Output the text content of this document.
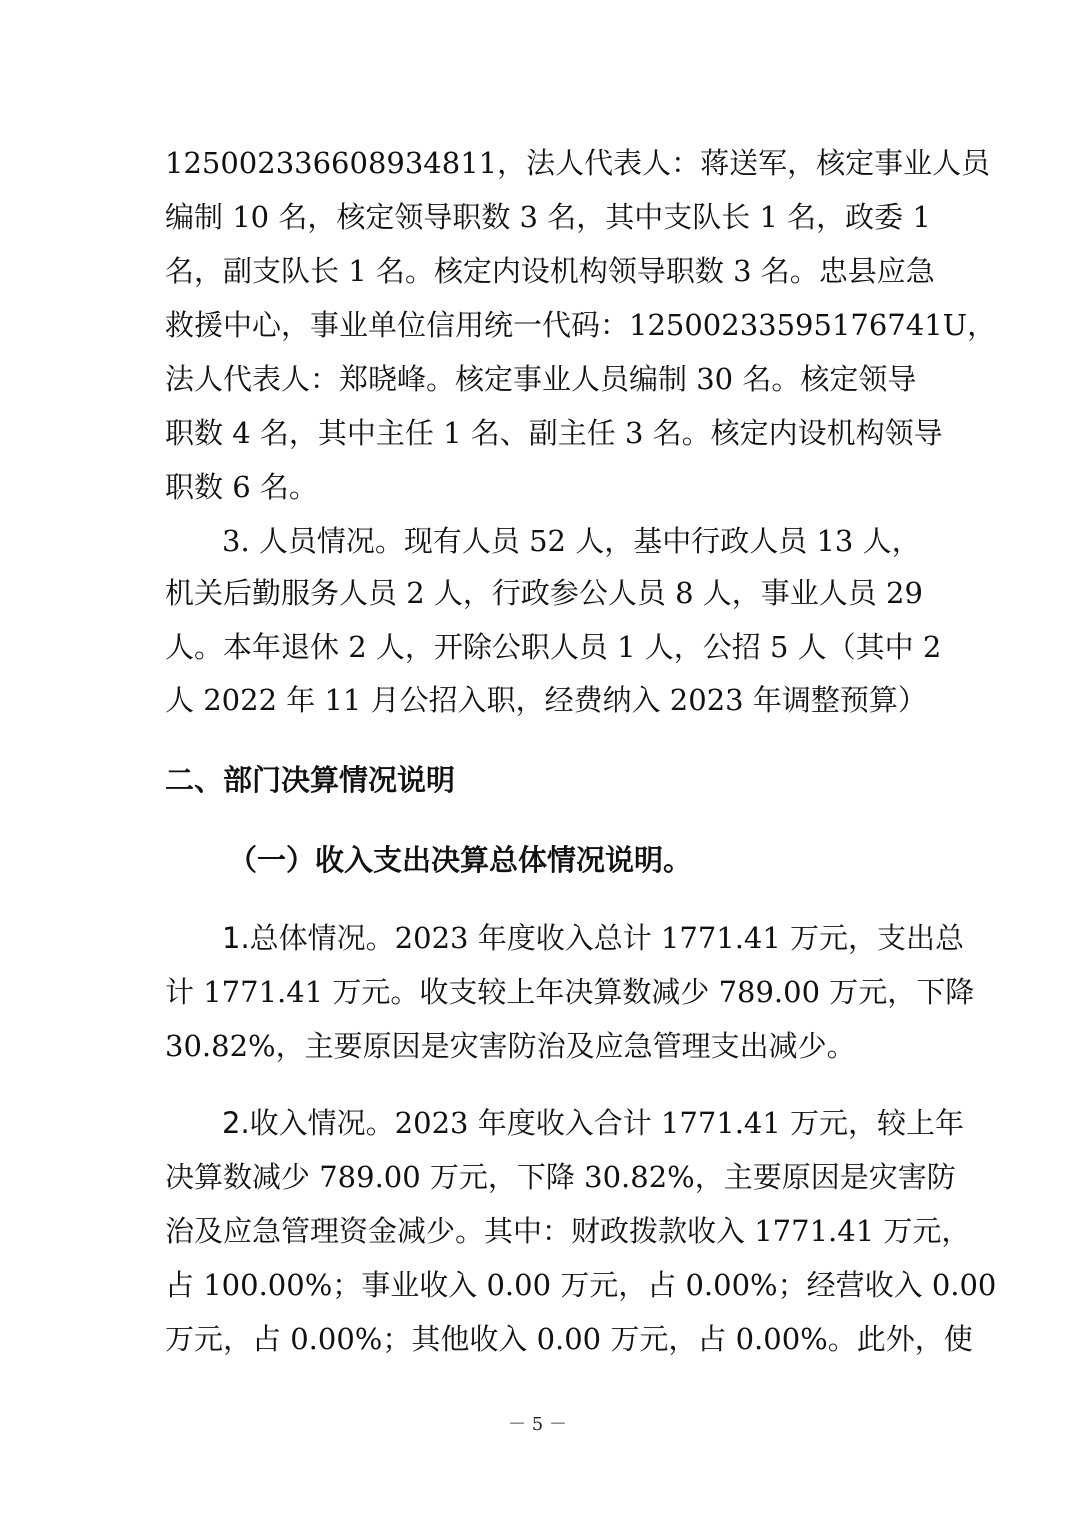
125002336608934811，法人代表人：蒋送军，核定事业人员
编制 10 名，核定领导职数 3 名，其中支队长 1 名，政委 1
名，副支队长 1 名。核定内设机构领导职数 3 名。忠县应急
救援中心，事业单位信用统一代码：12500233595176741U，
法人代表人：郑晓峰。核定事业人员编制 30 名。核定领导
职数 4 名，其中主任 1 名、副主任 3 名。核定内设机构领导
职数 6 名。
3. 人员情况。现有人员 52 人，基中行政人员 13 人，
机关后勤服务人员 2 人，行政参公人员 8 人，事业人员 29
人。本年退休 2 人，开除公职人员 1 人，公招 5 人（其中 2
人 2022 年 11 月公招入职，经费纳入 2023 年调整预算）
二、部门决算情况说明
（一）收入支出决算总体情况说明。
1.总体情况。2023 年度收入总计 1771.41 万元，支出总
计 1771.41 万元。收支较上年决算数减少 789.00 万元，下降
30.82%，主要原因是灾害防治及应急管理支出减少。
2.收入情况。2023 年度收入合计 1771.41 万元，较上年
决算数减少 789.00 万元，下降 30.82%，主要原因是灾害防
治及应急管理资金减少。其中：财政拨款收入 1771.41 万元，
占 100.00%；事业收入 0.00 万元，占 0.00%；经营收入 0.00
万元，占 0.00%；其他收入 0.00 万元，占 0.00%。此外，使
－ 5 －
